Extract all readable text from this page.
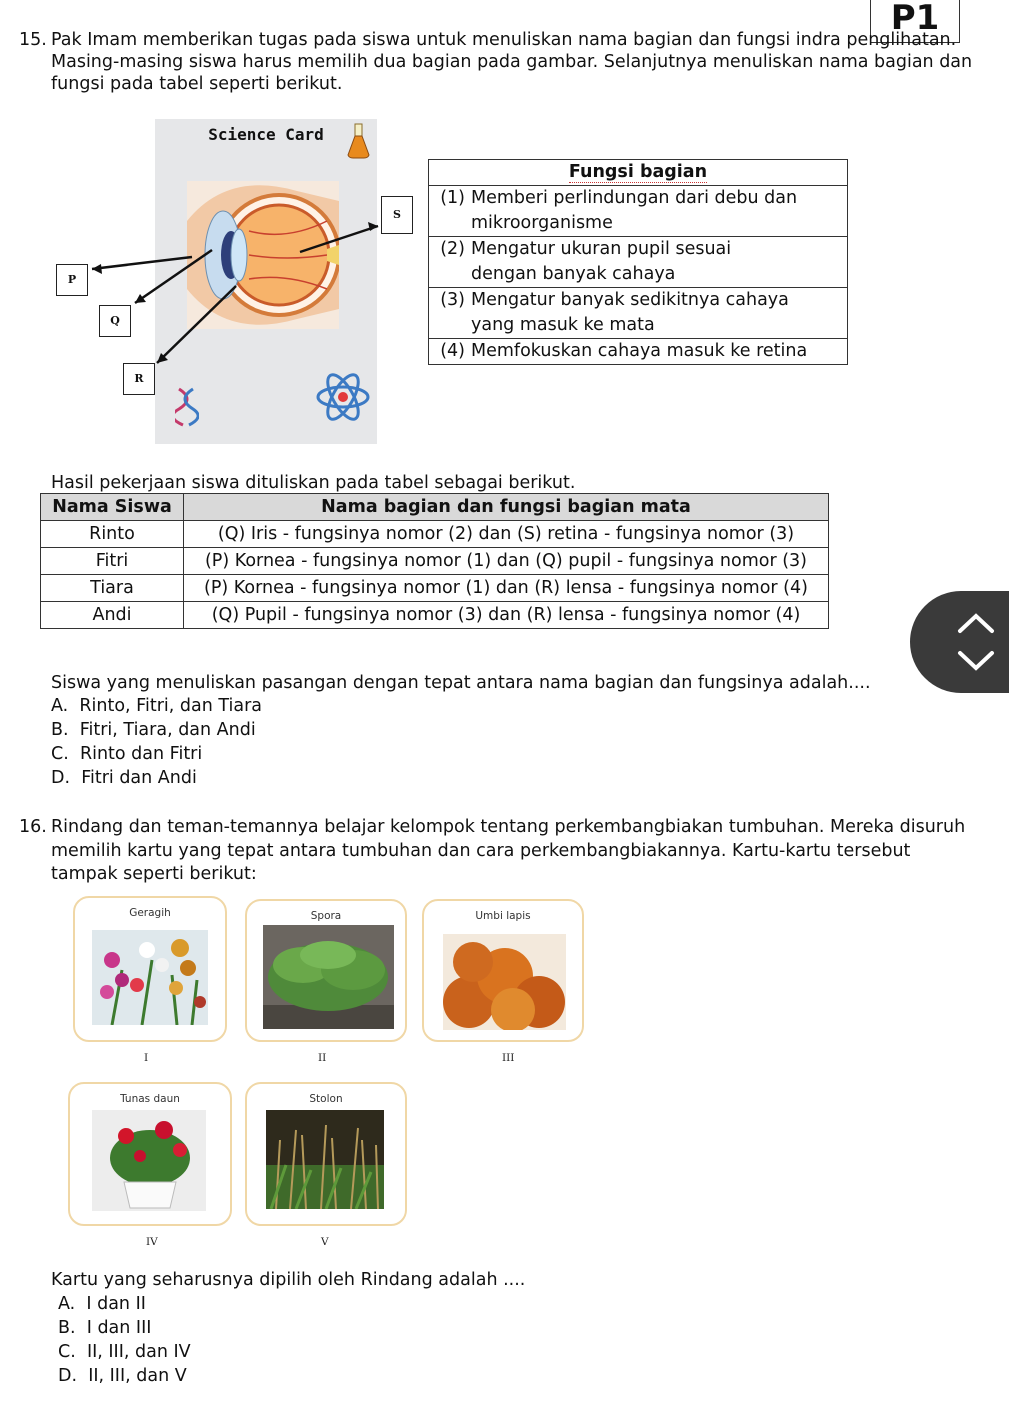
P1
15. Pak Imam memberikan tugas pada siswa untuk menuliskan nama bagian dan fungsi indra penglihatan.
Masing-masing siswa harus memilih dua bagian pada gambar. Selanjutnya menuliskan nama bagian dan
fungsi pada tabel seperti berikut.
Science Card
S
P
Q
R
Fungsi bagian
(1) Memberi perlindungan dari debu dan
mikroorganisme
(2) Mengatur ukuran pupil sesuai
dengan banyak cahaya
(3) Mengatur banyak sedikitnya cahaya
yang masuk ke mata
(4) Memfokuskan cahaya masuk ke retina
Hasil pekerjaan siswa dituliskan pada tabel sebagai berikut.
Nama Siswa	Nama bagian dan fungsi bagian mata
Rinto	(Q) Iris - fungsinya nomor (2) dan (S) retina - fungsinya nomor (3)
Fitri	(P) Kornea - fungsinya nomor (1) dan (Q) pupil - fungsinya nomor (3)
Tiara	(P) Kornea - fungsinya nomor (1) dan (R) lensa - fungsinya nomor (4)
Andi	(Q) Pupil - fungsinya nomor (3) dan (R) lensa - fungsinya nomor (4)
Siswa yang menuliskan pasangan dengan tepat antara nama bagian dan fungsinya adalah....
A. Rinto, Fitri, dan Tiara
B. Fitri, Tiara, dan Andi
C. Rinto dan Fitri
D. Fitri dan Andi
16. Rindang dan teman-temannya belajar kelompok tentang perkembangbiakan tumbuhan. Mereka disuruh
memilih kartu yang tepat antara tumbuhan dan cara perkembangbiakannya. Kartu-kartu tersebut
tampak seperti berikut:
Geragih
I
Spora
II
Umbi lapis
III
Tunas daun
IV
Stolon
V
Kartu yang seharusnya dipilih oleh Rindang adalah ....
A. I dan II
B. I dan III
C. II, III, dan IV
D. II, III, dan V
